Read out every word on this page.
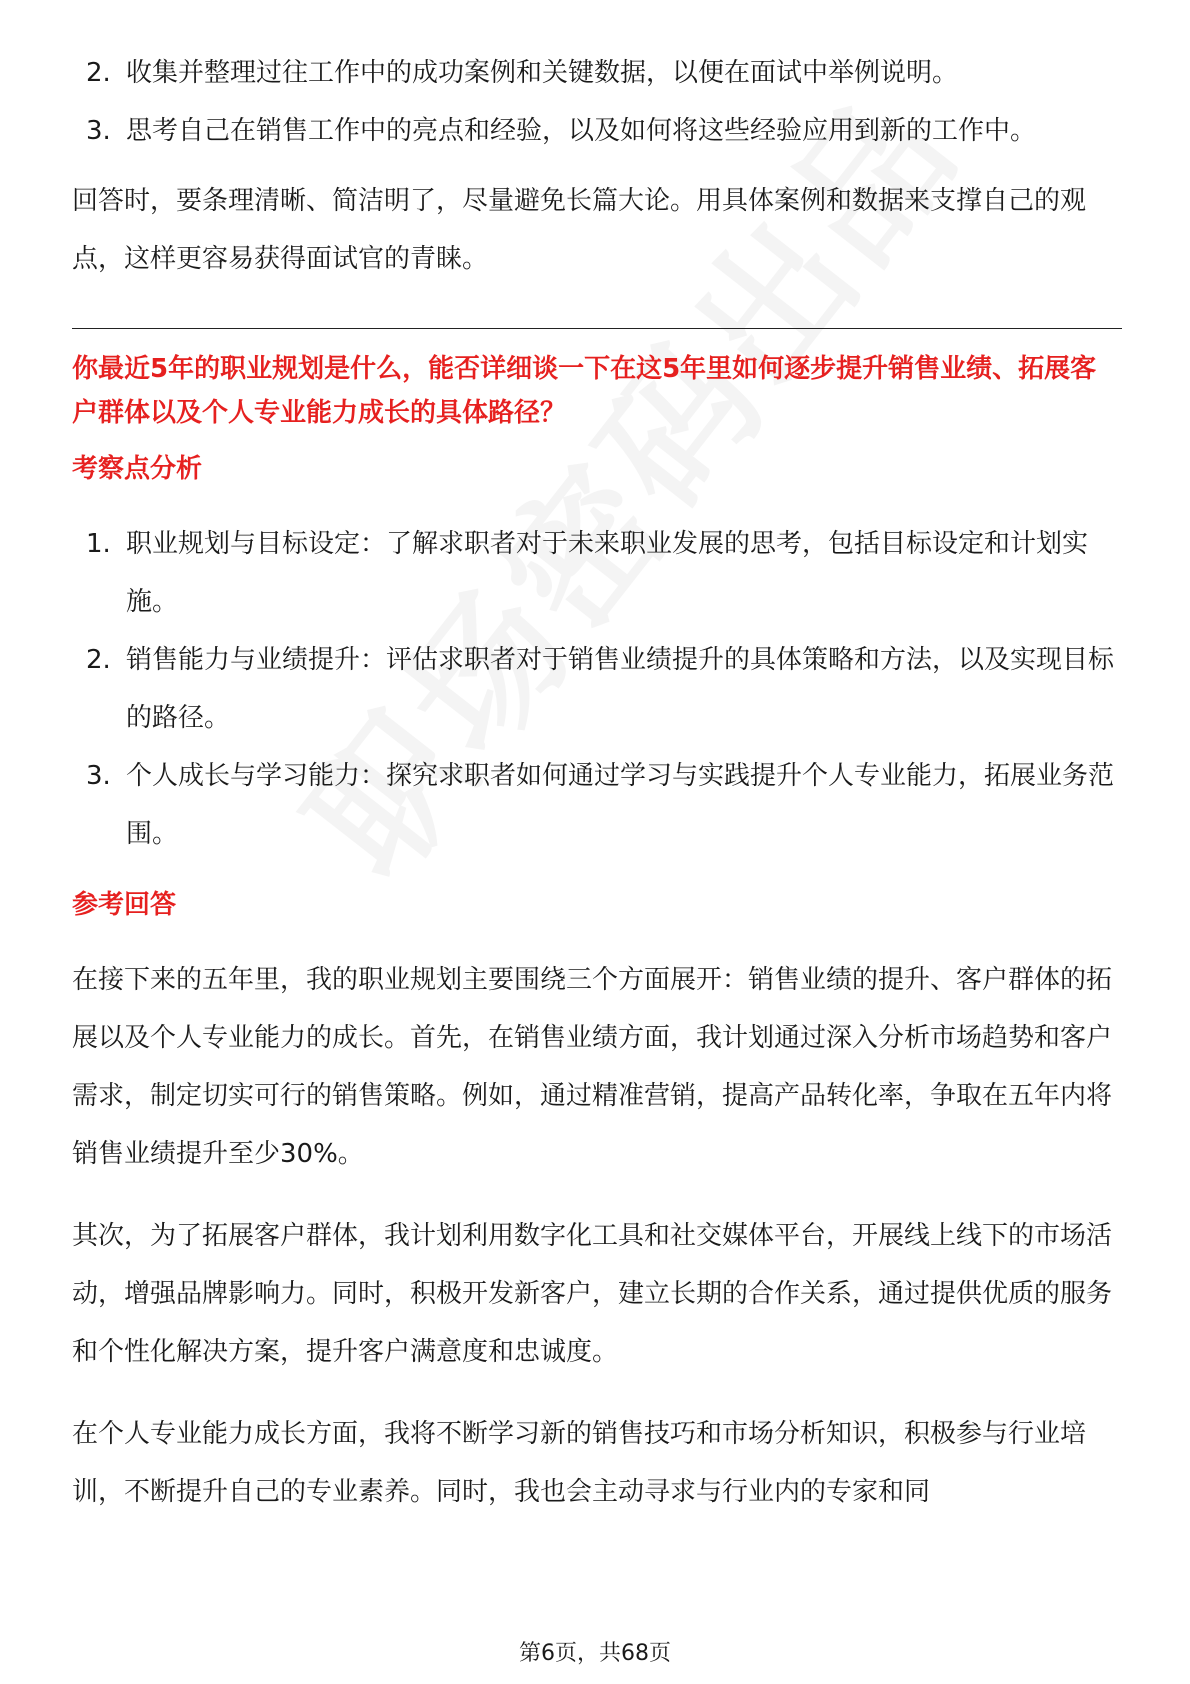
2. 收集并整理过往工作中的成功案例和关键数据，以便在面试中举例说明。
3. 思考自己在销售工作中的亮点和经验，以及如何将这些经验应用到新的工作中。

回答时，要条理清晰、简洁明了，尽量避免长篇大论。用具体案例和数据来支撑自己的观点，这样更容易获得面试官的青睐。

你最近5年的职业规划是什么，能否详细谈一下在这5年里如何逐步提升销售业绩、拓展客户群体以及个人专业能力成长的具体路径？

考察点分析

1. 职业规划与目标设定：了解求职者对于未来职业发展的思考，包括目标设定和计划实施。
2. 销售能力与业绩提升：评估求职者对于销售业绩提升的具体策略和方法，以及实现目标的路径。
3. 个人成长与学习能力：探究求职者如何通过学习与实践提升个人专业能力，拓展业务范围。

参考回答

在接下来的五年里，我的职业规划主要围绕三个方面展开：销售业绩的提升、客户群体的拓展以及个人专业能力的成长。首先，在销售业绩方面，我计划通过深入分析市场趋势和客户需求，制定切实可行的销售策略。例如，通过精准营销，提高产品转化率，争取在五年内将销售业绩提升至少30%。

其次，为了拓展客户群体，我计划利用数字化工具和社交媒体平台，开展线上线下的市场活动，增强品牌影响力。同时，积极开发新客户，建立长期的合作关系，通过提供优质的服务和个性化解决方案，提升客户满意度和忠诚度。

在个人专业能力成长方面，我将不断学习新的销售技巧和市场分析知识，积极参与行业培训，不断提升自己的专业素养。同时，我也会主动寻求与行业内的专家和同

第6页，共68页
